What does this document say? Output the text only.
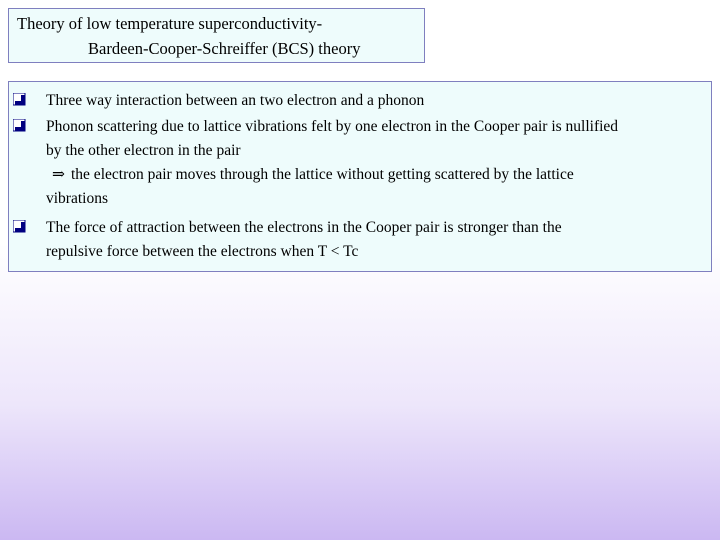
Theory of low temperature superconductivity-
Bardeen-Cooper-Schreiffer (BCS) theory
Three way interaction between an two electron and a phonon
Phonon scattering due to lattice vibrations felt by one electron in the Cooper pair is nullified
by the other electron in the pair
⇒ the electron pair moves through the lattice without getting scattered by the lattice
vibrations
The force of attraction between the electrons in the Cooper pair is stronger than the
repulsive force between the electrons when T < Tc
